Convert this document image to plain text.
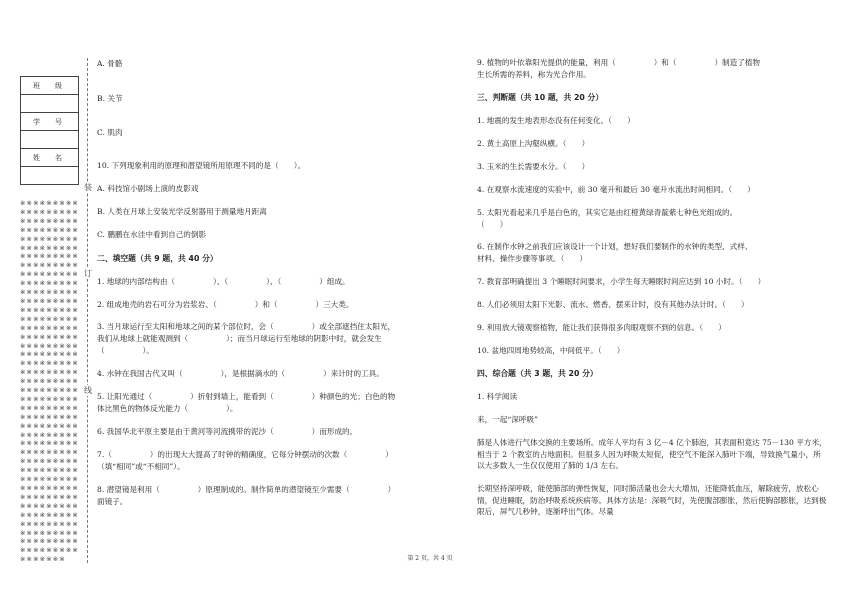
班　级

学　号

姓　名

※※※※※※※※※※※※※※※※※※※※※※※※※※※※※※※※※※※※※※※※※※※※※※※※※※※※※※※※※※※※※※※※※※※※※※※※※※※※※※※※※※※※※※※※※※※※※※※※※※※※※※※※※※※※※※※※※※※※※※※※※※※※※※※※※※※※※※※※※※※※※※※※※※※※※※※※※※※※※※※※※※※※※※※※※※※※※※※※※※※※※※※※※※※※※※※※※※※※※※※※※※※※※※※※※※※※※※※※※※※※※※※※※※※※※※※※※※※※※※※※※※※※※※※※※※※※※※※※※※※※※※※※※※※※※※※※※※※※※※※※※※※※※※※※※※※※※※※※※※※※※※※※※※※※※※※※※※※※※※※※※※※※※※※※※※※※※※※※※※※※※※※※※※※※※※※※※※※※※※※※※※※※※※※
装
订
线
A. 骨骼
B. 关节
C. 肌肉
10. 下列现象利用的原理和潜望镜所用原理不同的是（　　）。
A. 科技馆小剧场上演的皮影戏
B. 人类在月球上安装光学反射器用于测量地月距离
C. 鹏鹏在水洼中看到自己的倒影
二、填空题（共 9 题，共 40 分）
1. 地球的内部结构由（　　　　　）、（　　　　　）、（　　　　　）组成。
2. 组成地壳的岩石可分为岩浆岩、（　　　　　）和（　　　　　）三大类。
3. 当月球运行至太阳和地球之间的某个部位时，会（　　　　　）或全部遮挡住太阳光，
我们从地球上就能观测到（　　　　　）；而当月球运行至地球的阴影中时，就会发生
（　　　　　）。
4. 水钟在我国古代又叫（　　　　　），是根据滴水的（　　　　　）来计时的工具。
5. 让阳光通过（　　　　　）折射到墙上，能看到（　　　　　）种颜色的光；白色的物
体比黑色的物体反光能力（　　　　　）。
6. 我国华北平原主要是由于黄河等河流携带的泥沙（　　　　　）而形成的。
7.（　　　　　）的出现大大提高了时钟的精确度，它每分钟摆动的次数（　　　　　）
（填“相同”或“不相同”）。
8. 潜望镜是利用（　　　　　）原理制成的。制作简单的潜望镜至少需要（　　　　　）
面镜子。
9. 植物的叶依靠阳光提供的能量，利用（　　　　　）和（　　　　　）制造了植物
生长所需的养料，称为光合作用。
三、判断题（共 10 题，共 20 分）
1. 地震的发生地表形态没有任何变化。（　　）
2. 黄土高原上沟壑纵横。（　　）
3. 玉米的生长需要水分。（　　）
4. 在观察水流速度的实验中，前 30 毫升和最后 30 毫升水流出时间相同。（　　）
5. 太阳光看起来几乎是白色的，其实它是由红橙黄绿青靛紫七种色光组成的。
（　　）
6. 在制作水钟之前我们应该设计一个计划，想好我们要制作的水钟的类型、式样、
材料、操作步骤等事项。（　　）
7. 教育部明确提出 3 个睡眠时间要求，小学生每天睡眠时间应达到 10 小时。（　　）
8. 人们必须用太阳下光影、流水、燃香、摆来计时，没有其他办法计时。（　　）
9. 利用放大镜观察植物，能让我们获得很多肉眼观察不到的信息。（　　）
10. 盆地四周地势较高，中间低平。（　　）
四、综合题（共 3 题，共 20 分）
1. 科学阅读
来，一起“深呼吸”
肺是人体进行气体交换的主要场所。成年人平均有 3 亿－4 亿个肺泡，其表面积竟达 75－130 平方米，相当于 2 个教室的占地面积。但很多人因为呼吸太短促，使空气不能深入肺叶下端，导致换气量小，所以大多数人一生仅仅使用了肺的 1/3 左右。
长期坚持深呼吸，能使肺部的弹性恢复，同时肺活量也会大大增加，还能降低血压，解除疲劳，放松心情，促进睡眠，防治呼吸系统疾病等。具体方法是：深吸气时，先使腹部膨胀，然后使胸部膨胀，达到极限后，屏气几秒钟，逐渐呼出气体。尽量
第 2 页，共 4 页
